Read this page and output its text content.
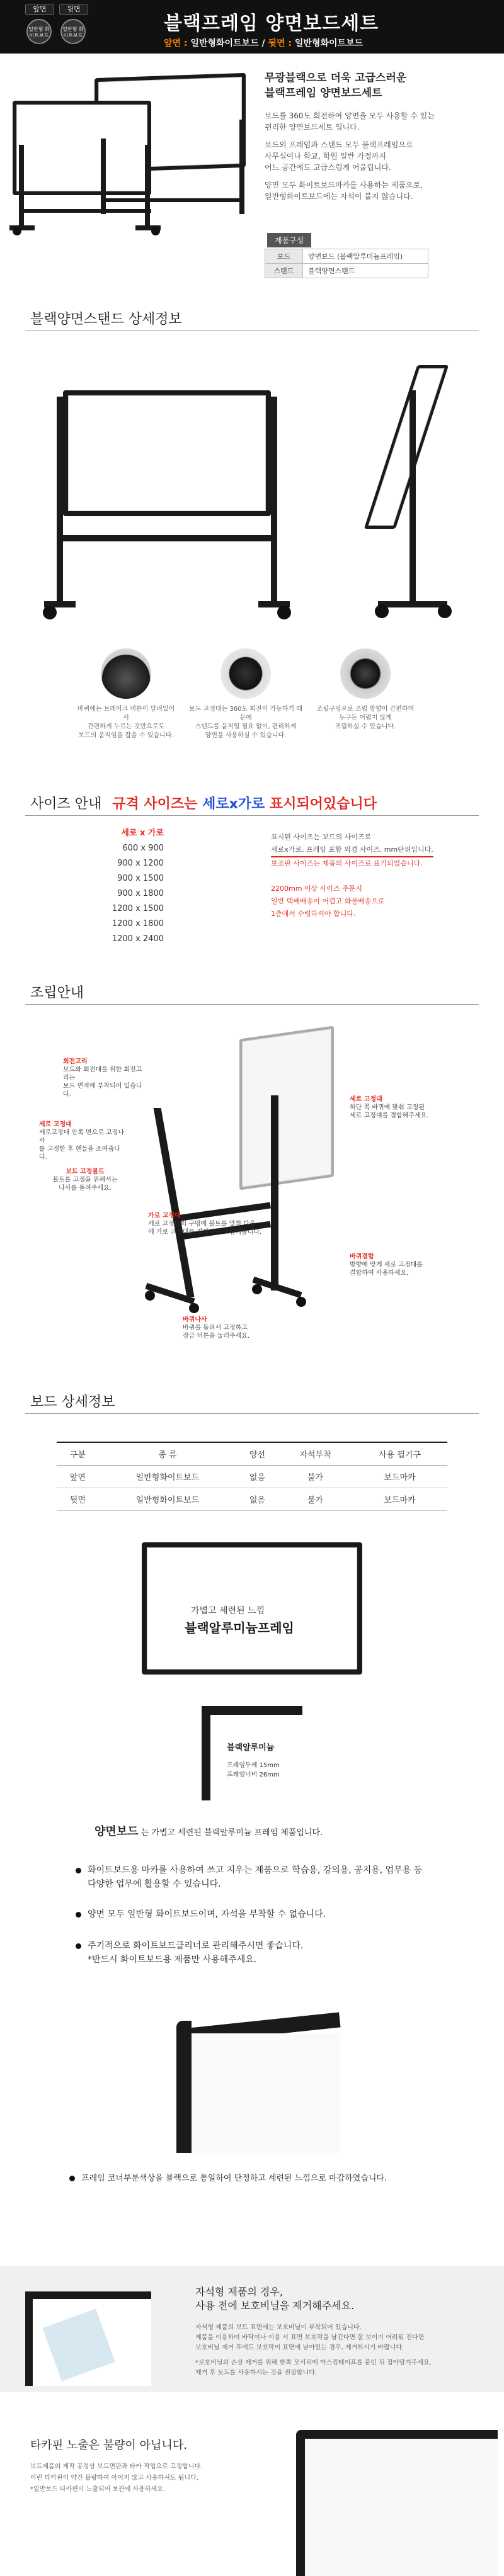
앞면	뒷면
일반형 화이트보드
일반형 화이트보드
블랙프레임 양면보드세트
앞면 : 일반형화이트보드 / 뒷면 : 일반형화이트보드
무광블랙으로 더욱 고급스러운
블랙프레임 양면보드세트
보드를 360도 회전하여 양면을 모두 사용할 수 있는
편리한 양면보드세트 입니다.
보드의 프레임과 스탠드 모두 블랙프레임으로
사무실이나 학교, 학원 일반 가정까지
어느 공간에도 고급스럽게 어울립니다.
양면 모두 화이트보드마카를 사용하는 제품으로,
일반형화이트보드에는 자석이 붙지 않습니다.
제품구성
보드	양면보드 (블랙알루미늄프레임)
스탠드	블랙양면스탠드
블랙양면스탠드 상세정보
바퀴에는 브레이크 버튼이 달려있어서
간편하게 누르는 것만으로도
보드의 움직임을 잡을 수 있습니다.
보드 고정대는 360도 회전이 가능하기 때문에
스탠드를 움직일 필요 없이, 편리하게
양면을 사용하실 수 있습니다.
조립구멍으로 조립 방향이 간편하며
누구든 어렵지 않게
조립하실 수 있습니다.
사이즈 안내 규격 사이즈는 세로x가로 표시되어있습니다
세로 x 가로
600 x 900
900 x 1200
900 x 1500
900 x 1800
1200 x 1500
1200 x 1800
1200 x 2400
표시된 사이즈는 보드의 사이즈로
세로x가로, 프레임 포함 외경 사이즈, mm단위입니다.
보조판 사이즈는 제품의 사이즈로 표기되었습니다.
2200mm 이상 사이즈 주문시
일반 택배배송이 어렵고 화물배송으로
1층에서 수령하셔야 합니다.
조립안내
회전고리
보드와 회전대를 위한 회전고리는
보드 면적에 부착되어 있습니다.
세로 고정대
세로고정대 안쪽 면으로 고정나사
를 고정한 후 핸들을 조여줍니다.
보드 고정볼트
볼트를 고정을 위해서는
나사를 돌려주세요.
가로 고정대
세로 고정대의 구멍에 볼트를 맞춰 다음
에 가로 고정대를 결합하여 조립해줍니다.
바퀴나사
바퀴를 돌려서 고정하고
잠금 버튼을 눌러주세요.
세로 고정대
하단 쪽 바퀴에 맞춰 고정된
세로 고정대를 결합해주세요.
바퀴결합
방향에 맞게 세로 고정대를
결합하여 사용하세요.
보드 상세정보
구분	종 류	양선	자석부착	사용 필기구
앞면	일반형화이트보드	없음	불가	보드마카
뒷면	일반형화이트보드	없음	불가	보드마카
가볍고 세련된 느낌
블랙알루미늄프레임
블랙알루미늄
프레임두께 15mm
프레임너비 26mm
양면보드 는 가볍고 세련된 블랙알루미늄 프레임 제품입니다.
화이트보드용 마카를 사용하여 쓰고 지우는 제품으로 학습용, 강의용, 공지용, 업무용 등
다양한 업무에 활용할 수 있습니다.
양면 모두 일반형 화이트보드이며, 자석을 부착할 수 없습니다.
주기적으로 화이트보드클리너로 관리해주시면 좋습니다.
*반드시 화이트보드용 제품만 사용해주세요.
프레임 코너부분색상을 블랙으로 통일하여 단정하고 세련된 느낌으로 마감하였습니다.
자석형 제품의 경우,
사용 전에 보호비닐을 제거해주세요.
자석형 제품의 보드 표면에는 보호비닐이 부착되어 있습니다.
제품을 이용하여 바닥이나 이용 시 표면 보호막을 남긴다면 잘 보이기 어려워 진다면
보호비닐 제거 후에도 보호막이 표면에 남아있는 경우, 제거하시기 바랍니다.
*보호비닐의 손상 제거를 위해 한쪽 모서리에 마스킹테이프를 붙인 뒤 잡아당겨주세요.
제거 후 보드를 사용하시는 것을 권장합니다.
타카핀 노출은 불량이 아닙니다.
보드제품의 제작 공정상 보드면판과 타카 작업으로 고정합니다.
이런 타카핀이 약간 불량하여 아이지 않고 사용하셔도 됩니다.
*일반보드 타카핀이 노출되어 보관에 사용하세요.
